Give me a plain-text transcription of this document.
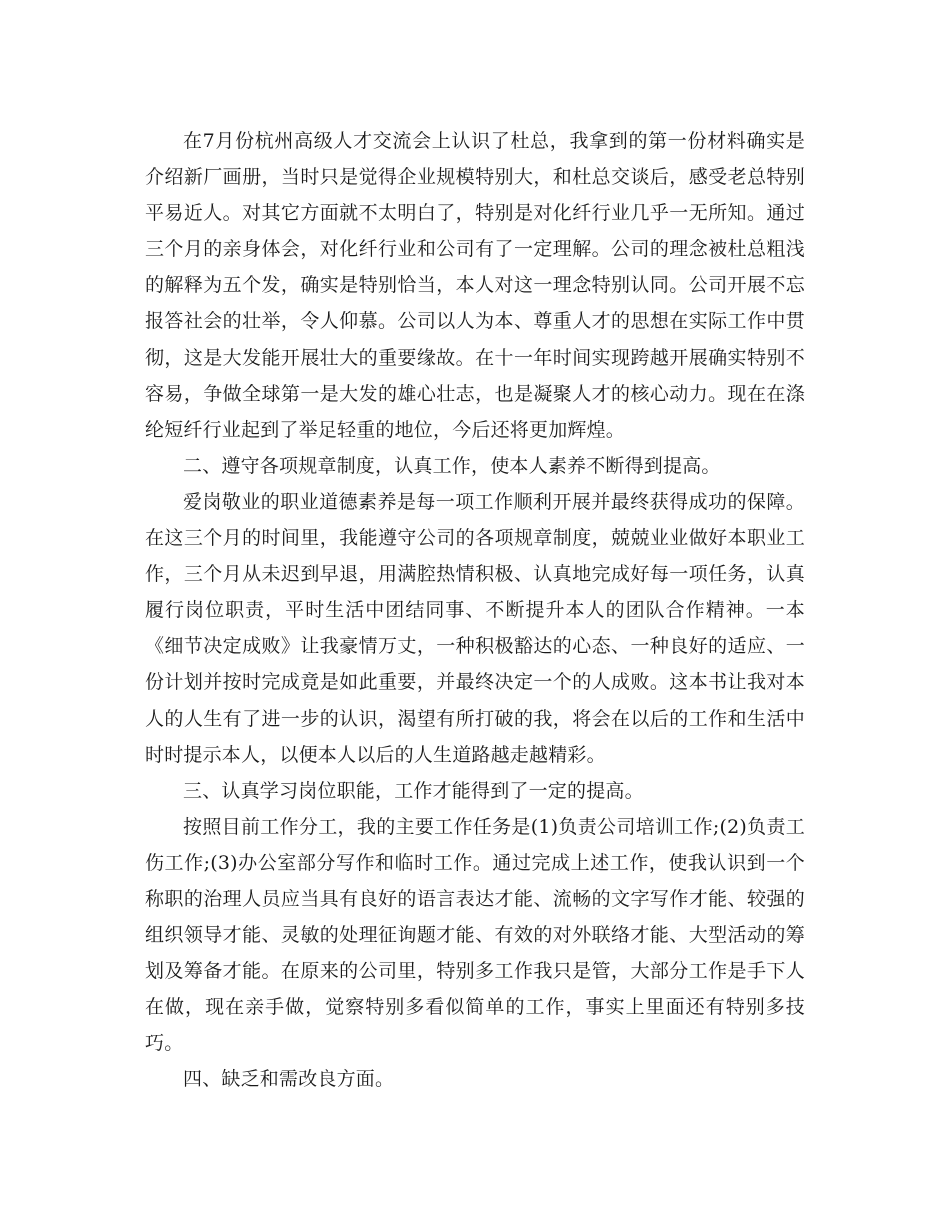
在7月份杭州高级人才交流会上认识了杜总，我拿到的第一份材料确实是介绍新厂画册，当时只是觉得企业规模特别大，和杜总交谈后，感受老总特别平易近人。对其它方面就不太明白了，特别是对化纤行业几乎一无所知。通过三个月的亲身体会，对化纤行业和公司有了一定理解。公司的理念被杜总粗浅的解释为五个发，确实是特别恰当，本人对这一理念特别认同。公司开展不忘报答社会的壮举，令人仰慕。公司以人为本、尊重人才的思想在实际工作中贯彻，这是大发能开展壮大的重要缘故。在十一年时间实现跨越开展确实特别不容易，争做全球第一是大发的雄心壮志，也是凝聚人才的核心动力。现在在涤纶短纤行业起到了举足轻重的地位，今后还将更加辉煌。

二、遵守各项规章制度，认真工作，使本人素养不断得到提高。

爱岗敬业的职业道德素养是每一项工作顺利开展并最终获得成功的保障。在这三个月的时间里，我能遵守公司的各项规章制度，兢兢业业做好本职业工作，三个月从未迟到早退，用满腔热情积极、认真地完成好每一项任务，认真履行岗位职责，平时生活中团结同事、不断提升本人的团队合作精神。一本《细节决定成败》让我豪情万丈，一种积极豁达的心态、一种良好的适应、一份计划并按时完成竟是如此重要，并最终决定一个的人成败。这本书让我对本人的人生有了进一步的认识，渴望有所打破的我，将会在以后的工作和生活中时时提示本人，以便本人以后的人生道路越走越精彩。

三、认真学习岗位职能，工作才能得到了一定的提高。

按照目前工作分工，我的主要工作任务是(1)负责公司培训工作;(2)负责工伤工作;(3)办公室部分写作和临时工作。通过完成上述工作，使我认识到一个称职的治理人员应当具有良好的语言表达才能、流畅的文字写作才能、较强的组织领导才能、灵敏的处理征询题才能、有效的对外联络才能、大型活动的筹划及筹备才能。在原来的公司里，特别多工作我只是管，大部分工作是手下人在做，现在亲手做，觉察特别多看似简单的工作，事实上里面还有特别多技巧。

四、缺乏和需改良方面。
